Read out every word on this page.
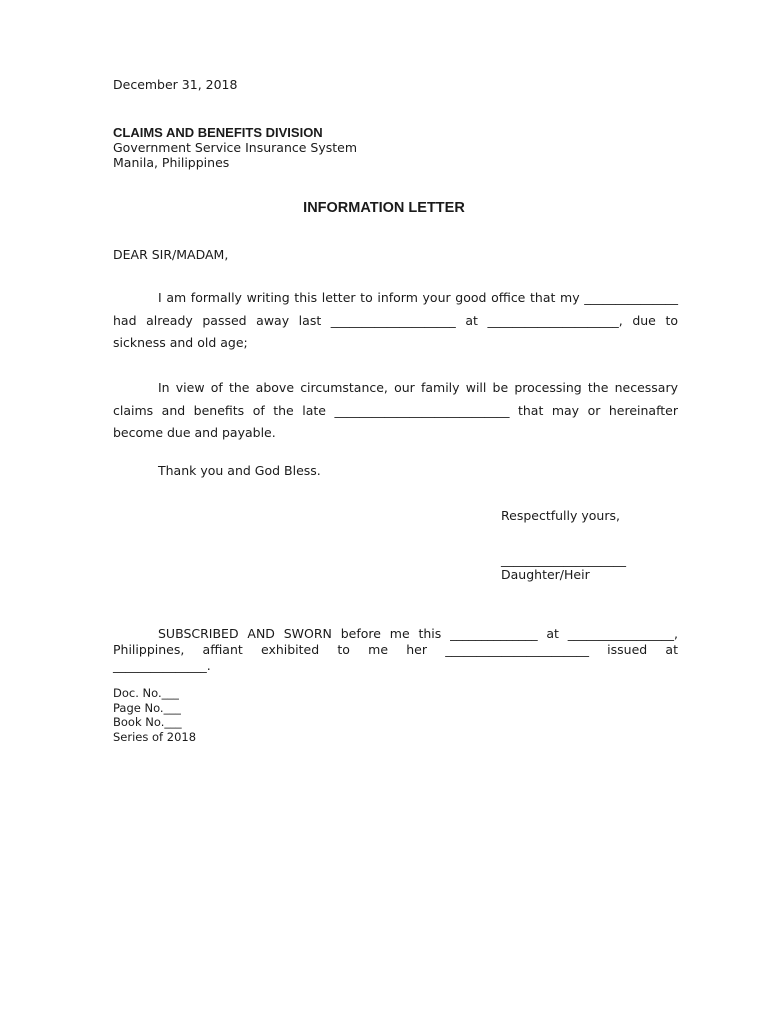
December 31, 2018
CLAIMS AND BENEFITS DIVISION
Government Service Insurance System
Manila, Philippines
INFORMATION LETTER
DEAR SIR/MADAM,
I am formally writing this letter to inform your good office that my _______________
had already passed away last ____________________ at _____________________, due to
sickness and old age;
In view of the above circumstance, our family will be processing the necessary
claims and benefits of the late ____________________________ that may or hereinafter
become due and payable.
Thank you and God Bless.
Respectfully yours,
____________________
Daughter/Heir
SUBSCRIBED AND SWORN before me this ______________ at _________________,
Philippines, affiant exhibited to me her _______________________ issued at
_______________.
Doc. No.___
Page No.___
Book No.___
Series of 2018
